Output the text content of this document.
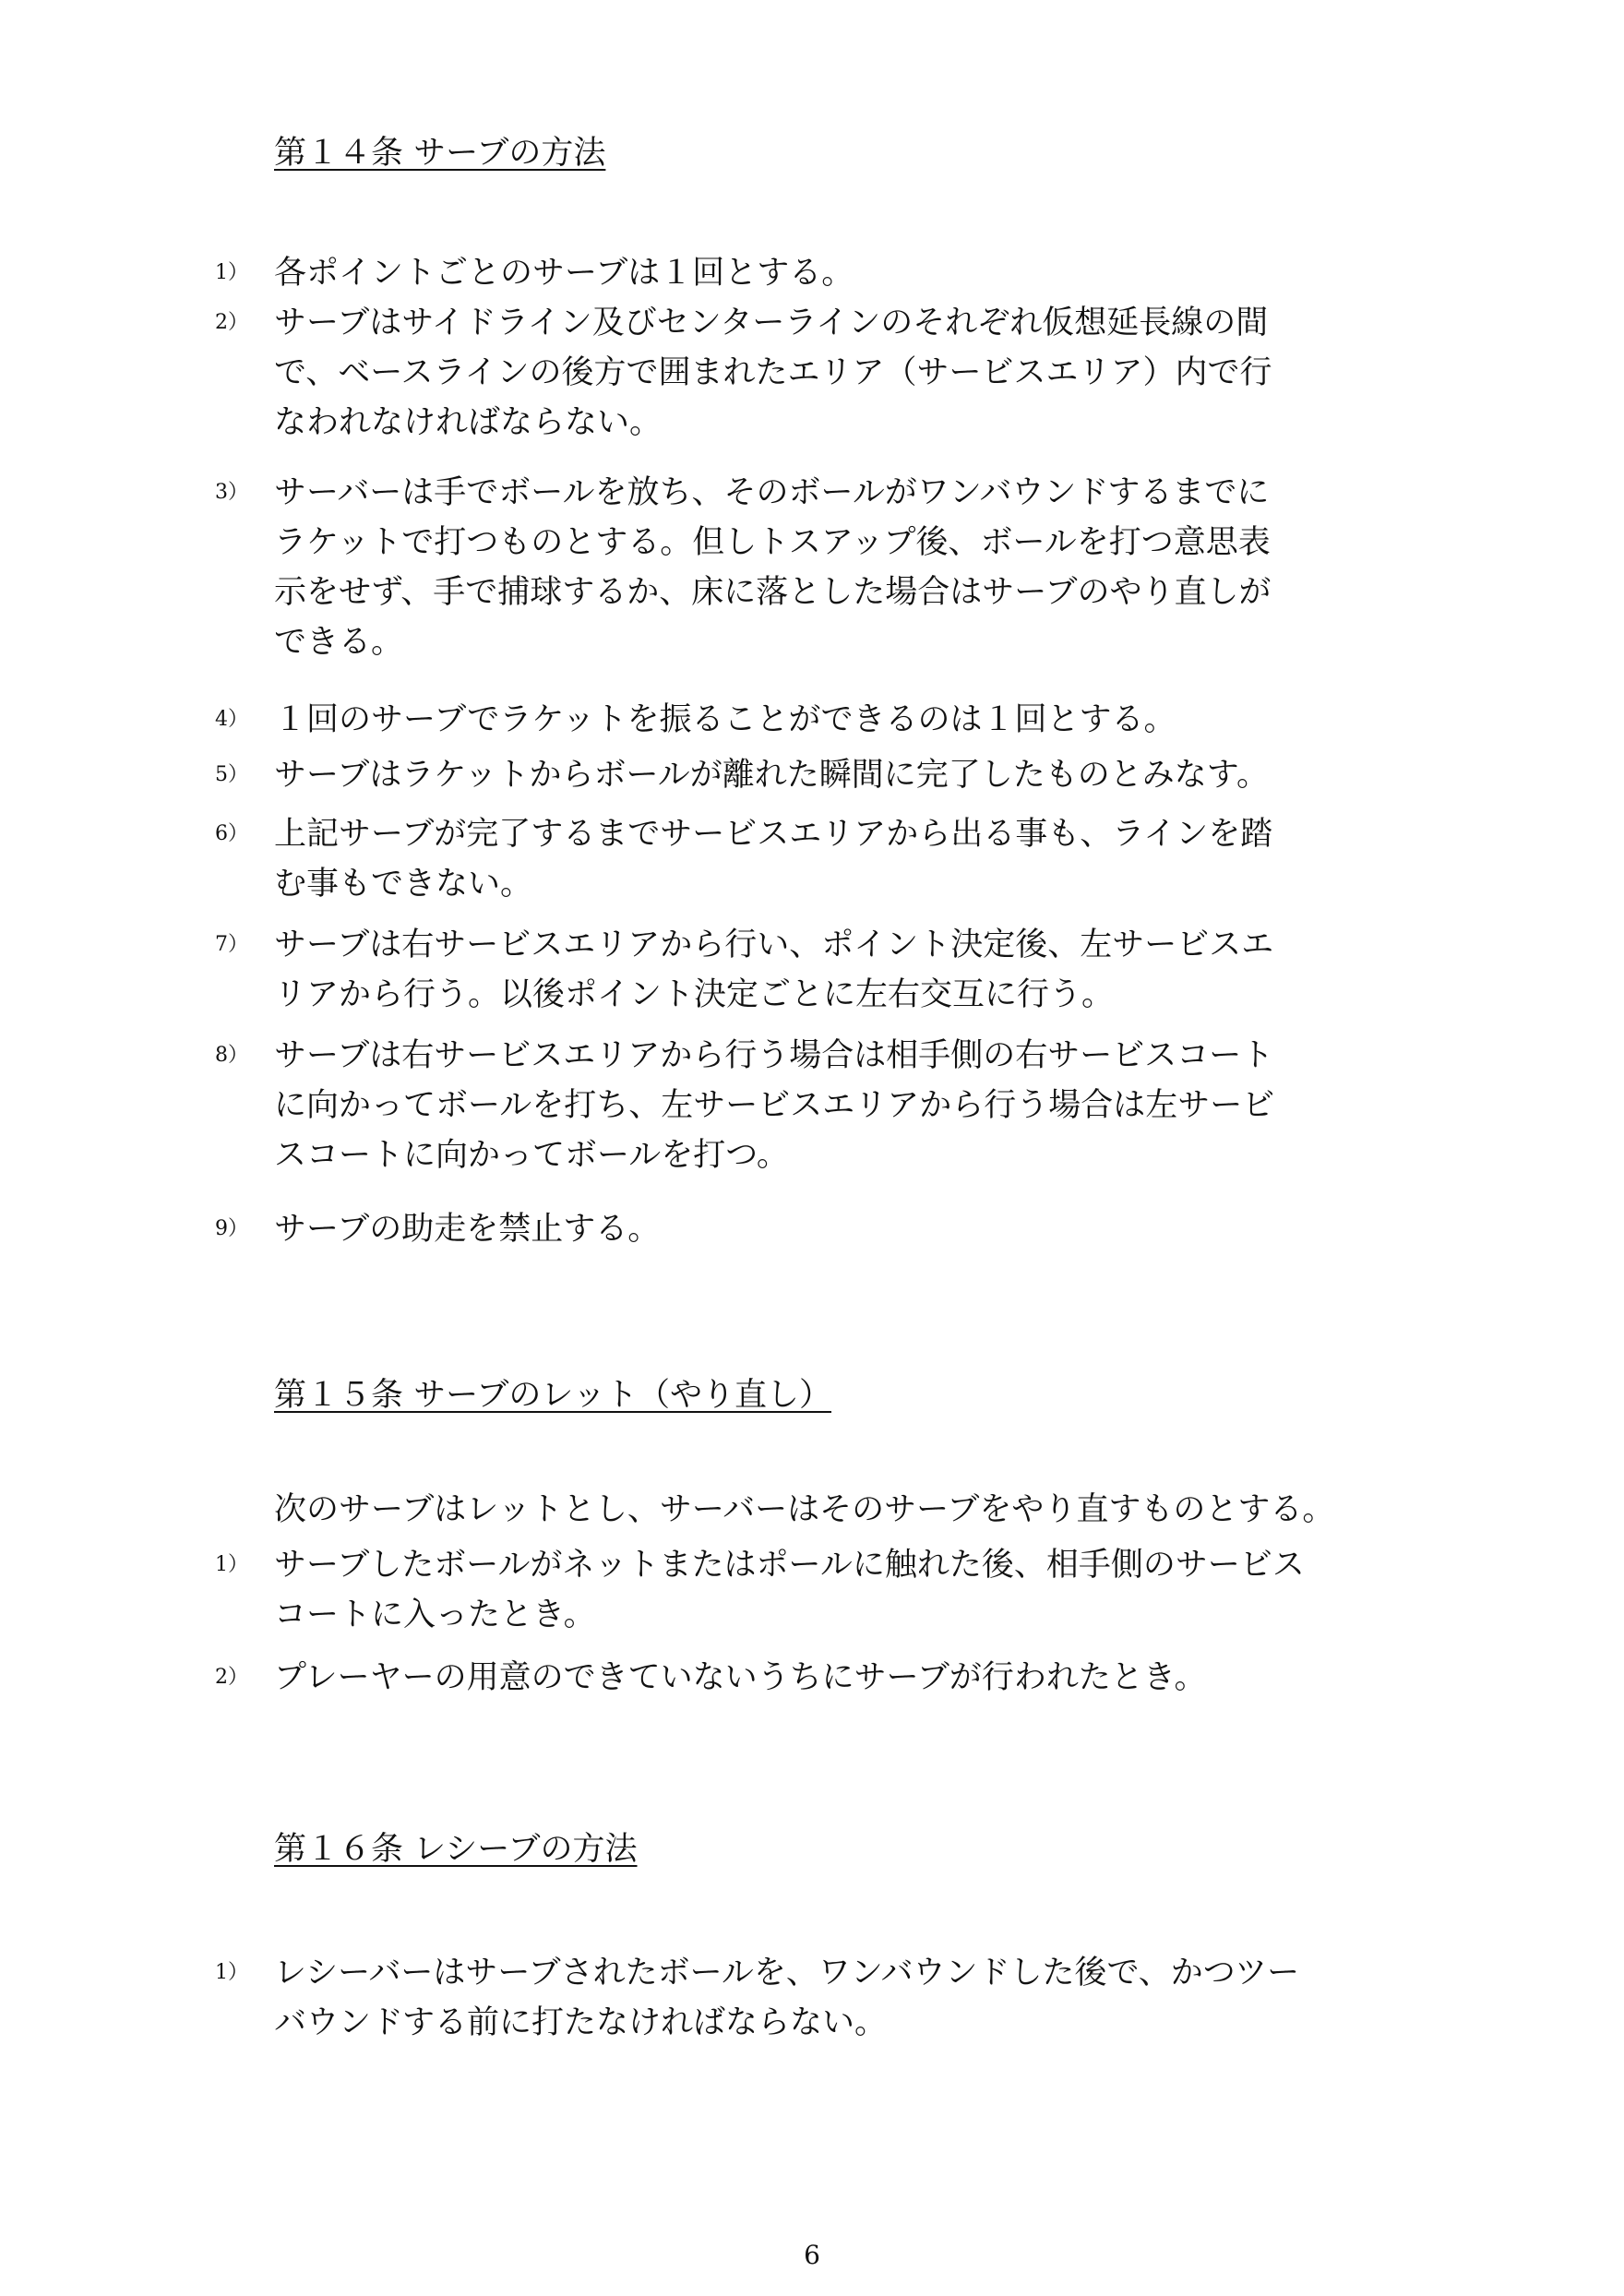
第１４条 サーブの方法
1） 各ポイントごとのサーブは１回とする。
2） サーブはサイドライン及びセンターラインのそれぞれ仮想延長線の間
で、ベースラインの後方で囲まれたエリア（サービスエリア）内で行
なわれなければならない。
3） サーバーは手でボールを放ち、そのボールがワンバウンドするまでに
ラケットで打つものとする。但しトスアップ後、ボールを打つ意思表
示をせず、手で捕球するか、床に落とした場合はサーブのやり直しが
できる。
4） １回のサーブでラケットを振ることができるのは１回とする。
5） サーブはラケットからボールが離れた瞬間に完了したものとみなす。
6） 上記サーブが完了するまでサービスエリアから出る事も、ラインを踏
む事もできない。
7） サーブは右サービスエリアから行い、ポイント決定後、左サービスエ
リアから行う。以後ポイント決定ごとに左右交互に行う。
8） サーブは右サービスエリアから行う場合は相手側の右サービスコート
に向かってボールを打ち、左サービスエリアから行う場合は左サービ
スコートに向かってボールを打つ。
9） サーブの助走を禁止する。
第１５条 サーブのレット（やり直し）
次のサーブはレットとし、サーバーはそのサーブをやり直すものとする。
1） サーブしたボールがネットまたはポールに触れた後、相手側のサービス
コートに入ったとき。
2） プレーヤーの用意のできていないうちにサーブが行われたとき。
第１６条 レシーブの方法
1） レシーバーはサーブされたボールを、ワンバウンドした後で、かつツー
バウンドする前に打たなければならない。
6
